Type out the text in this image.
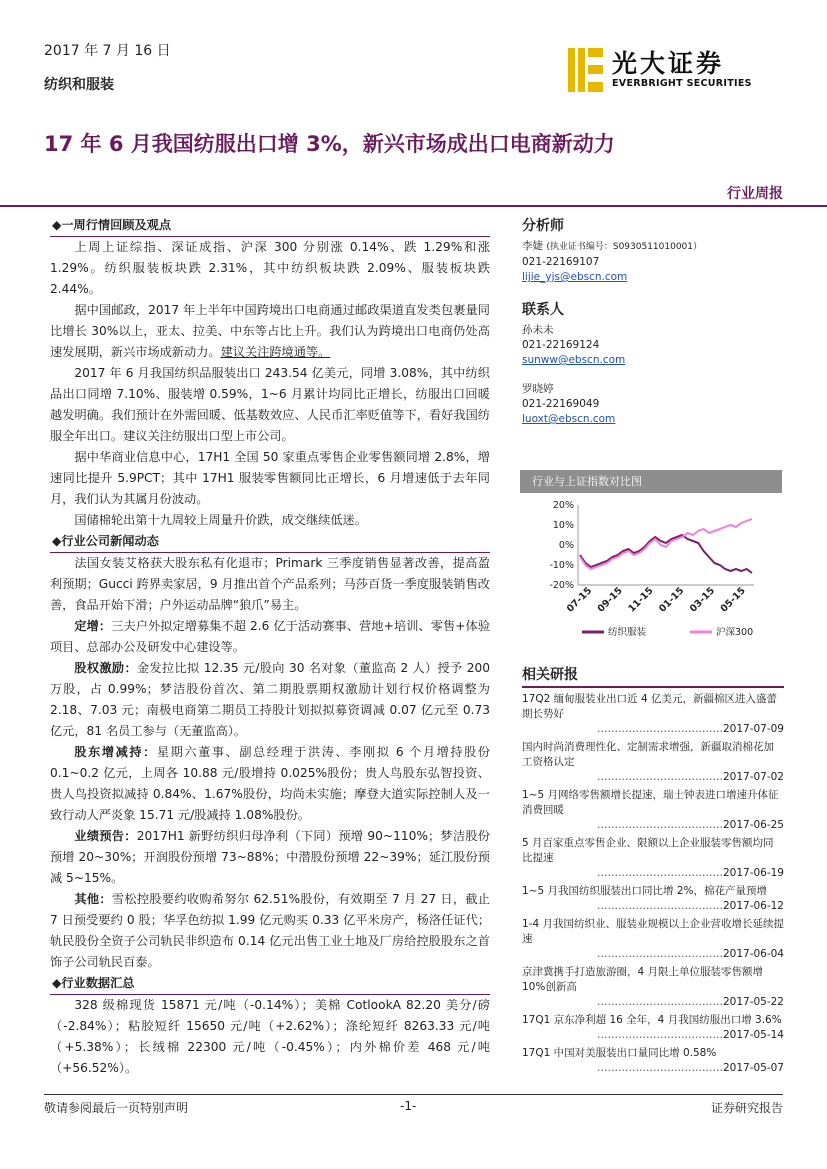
2017 年 7 月 16 日
纺织和服装
光大证券
EVERBRIGHT SECURITIES
17 年 6 月我国纺服出口增 3%，新兴市场成出口电商新动力
行业周报
◆一周行情回顾及观点

上周上证综指、深证成指、沪深 300 分别涨 0.14%、跌 1.29%和涨 1.29%。纺织服装板块跌 2.31%，其中纺织板块跌 2.09%、服装板块跌 2.44%。

据中国邮政，2017 年上半年中国跨境出口电商通过邮政渠道直发类包裹量同比增长 30%以上，亚太、拉美、中东等占比上升。我们认为跨境出口电商仍处高速发展期，新兴市场成新动力。建议关注跨境通等。

2017 年 6 月我国纺织品服装出口 243.54 亿美元，同增 3.08%，其中纺织品出口同增 7.10%、服装增 0.59%，1~6 月累计均同比正增长，纺服出口回暖越发明确。我们预计在外需回暖、低基数效应、人民币汇率贬值等下，看好我国纺服全年出口。建议关注纺服出口型上市公司。

据中华商业信息中心，17H1 全国 50 家重点零售企业零售额同增 2.8%，增速同比提升 5.9PCT；其中 17H1 服装零售额同比正增长，6 月增速低于去年同月，我们认为其属月份波动。

国储棉轮出第十九周较上周量升价跌，成交继续低迷。

◆行业公司新闻动态

法国女装艾格获大股东私有化退市；Primark 三季度销售显著改善，提高盈利预期；Gucci 跨界卖家居，9 月推出首个产品系列；马莎百货一季度服装销售改善，食品开始下滑；户外运动品牌“狼爪”易主。

定增：三夫户外拟定增募集不超 2.6 亿于活动赛事、营地+培训、零售+体验项目、总部办公及研发中心建设等。

股权激励：金发拉比拟 12.35 元/股向 30 名对象（董监高 2 人）授予 200 万股，占 0.99%；梦洁股份首次、第二期股票期权激励计划行权价格调整为 2.18、7.03 元；南极电商第二期员工持股计划拟拟募资调减 0.07 亿元至 0.73 亿元，81 名员工参与（无董监高）。

股东增减持：星期六董事、副总经理于洪涛、李刚拟 6 个月增持股份 0.1~0.2 亿元，上周各 10.88 元/股增持 0.025%股份；贵人鸟股东弘智投资、贵人鸟投资拟减持 0.84%、1.67%股份，均尚未实施；摩登大道实际控制人及一致行动人严炎象 15.71 元/股减持 1.08%股份。

业绩预告：2017H1 新野纺织归母净利（下同）预增 90~110%；梦洁股份预增 20~30%；开润股份预增 73~88%；中潜股份预增 22~39%；延江股份预减 5~15%。

其他：雪松控股要约收购希努尔 62.51%股份，有效期至 7 月 27 日，截止 7 日预受要约 0 股；华孚色纺拟 1.99 亿元购买 0.33 亿平米房产，杨洛任证代；轨民股份全资子公司轨民非织造布 0.14 亿元出售工业土地及厂房给控股股东之首饰子公司轨民百泰。

◆行业数据汇总

328 级棉现货 15871 元/吨（-0.14%）；美棉 CotlookA 82.20 美分/磅（-2.84%）；粘胶短纤 15650 元/吨（+2.62%）；涤纶短纤 8263.33 元/吨（+5.38%）；长绒棉 22300 元/吨（-0.45%）；内外棉价差 468 元/吨（+56.52%）。

分析师

李婕 (执业证书编号：S0930511010001）

021-22169107

lijie_yjs@ebscn.com

联系人

孙未未

021-22169124

sunww@ebscn.com

罗晓婷

021-22169049

luoxt@ebscn.com

行业与上证指数对比图
20%
10%
0%
-10%
-20%
07-15 09-15 11-15 01-15 03-15 05-15
纺织服装	沪深300
相关研报
17Q2 缅甸服装业出口近 4 亿美元，新疆棉区进入盛蕾期长势好
………………………………2017-07-09
国内时尚消费理性化、定制需求增强，新疆取消棉花加工资格认定
………………………………2017-07-02
1~5 月网络零售额增长提速，瑞士钟表进口增速升体征消费回暖
………………………………2017-06-25
5 月百家重点零售企业、限额以上企业服装零售额均同比提速
………………………………2017-06-19
1~5 月我国纺织服装出口同比增 2%，棉花产量预增
………………………………2017-06-12
1-4 月我国纺织业、服装业规模以上企业营收增长延续提速
………………………………2017-06-04
京津冀携手打造旅游圈，4 月限上单位服装零售额增 10%创新高
………………………………2017-05-22
17Q1 京东净利超 16 全年，4 月我国纺服出口增 3.6%
………………………………2017-05-14
17Q1 中国对美服装出口量同比增 0.58%
………………………………2017-05-07
敬请参阅最后一页特别声明	-1-	证券研究报告
